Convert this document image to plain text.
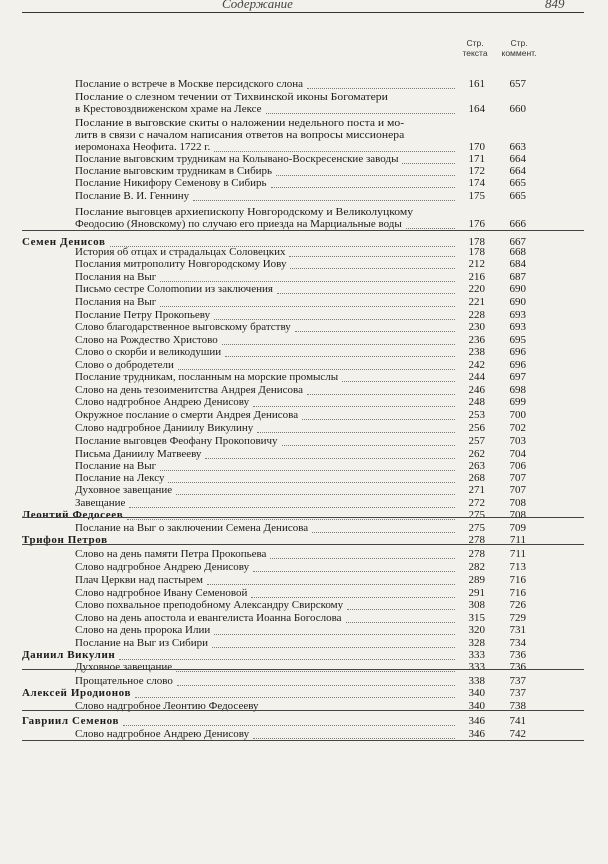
Содержание	849
Стр.
текста
Стр.
коммент.
Послание о встрече в Москве персидского слона	161	657
Послание о слезном течении от Тихвинской иконы Богоматери
в Крестовоздвиженском храме на Лексе	164	660
Послание в выговские скиты о наложении недельного поста и мо-
литв в связи с началом написания ответов на вопросы миссионера
иеромонаха Неофита. 1722 г.	170	663
Послание выговским трудникам на Колывано-Воскресенские заводы	171	664
Послание выговским трудникам в Сибирь	172	664
Послание Никифору Семенову в Сибирь	174	665
Послание В. И. Геннину	175	665
Послание выговцев архиепископу Новгородскому и Великолуцкому
Феодосию (Яновскому) по случаю его приезда на Марциальные воды	176	666
Семен Денисов	178	667
История об отцах и страдальцах Соловецких	178	668
Послания митрополиту Новгородскому Иову	212	684
Послания на Выг	216	687
Письмо сестре Солomonии из заключения	220	690
Послания на Выг	221	690
Послание Петру Прокопьеву	228	693
Слово благодарственное выговскому братству	230	693
Слово на Рождество Христово	236	695
Слово о скорби и великодушии	238	696
Слово о добродетели	242	696
Послание трудникам, посланным на морские промыслы	244	697
Слово на день тезоименитства Андрея Денисова	246	698
Слово надгробное Андрею Денисову	248	699
Окружное послание о смерти Андрея Денисова	253	700
Слово надгробное Даниилу Викулину	256	702
Послание выговцев Феофану Прокоповичу	257	703
Письма Даниилу Матвееву	262	704
Послание на Выг	263	706
Послание на Лексу	268	707
Духовное завещание	271	707
Завещание	272	708
Леонтий Федосеев	275	708
Послание на Выг о заключении Семена Денисова	275	709
Трифон Петров	278	711
Слово на день памяти Петра Прокопьева	278	711
Слово надгробное Андрею Денисову	282	713
Плач Церкви над пастырем	289	716
Слово надгробное Ивану Семеновой	291	716
Слово похвальное преподобному Александру Свирскому	308	726
Слово на день апостола и евангелиста Иоанна Богослова	315	729
Слово на день пророка Илии	320	731
Послание на Выг из Сибири	328	734
Даниил Викулин	333	736
Духовное завещание	333	736
Прощательное слово	338	737
Алексей Иродионов	340	737
Слово надгробное Леонтию Федосееву	340	738
Гавриил Семенов	346	741
Слово надгробное Андрею Денисову	346	742
